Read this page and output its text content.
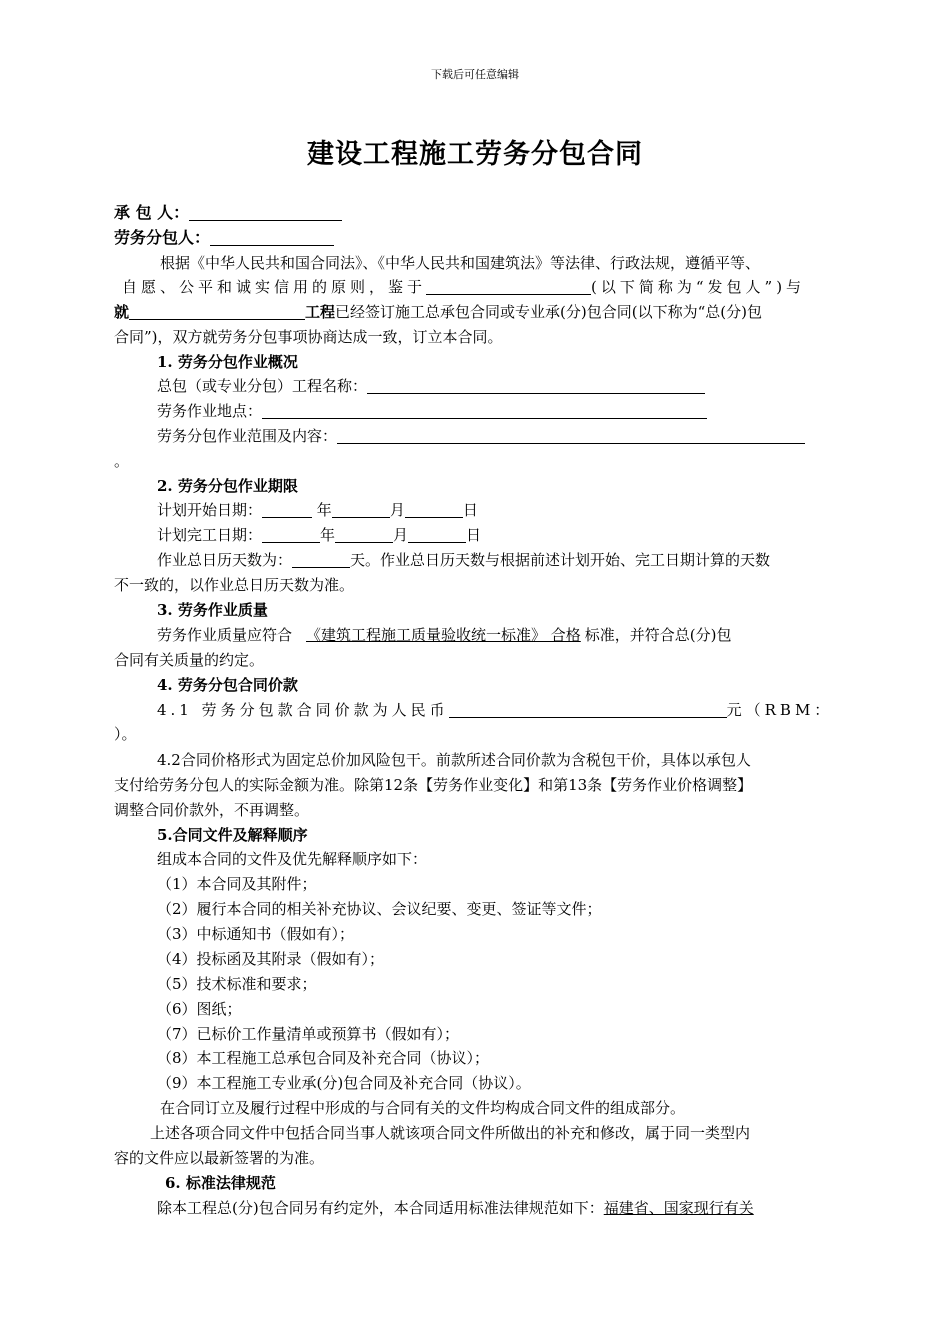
下载后可任意编辑
建设工程施工劳务分包合同
承 包 人：
劳务分包人：
根据《中华人民共和国合同法》、《中华人民共和国建筑法》等法律、行政法规，遵循平等、
自愿、公平和诚实信用的原则，鉴于	(以下简称为“发包人”)与
就	工程已经签订施工总承包合同或专业承(分)包合同(以下称为“总(分)包
合同”)，双方就劳务分包事项协商达成一致，订立本合同。
1. 劳务分包作业概况
总包（或专业分包）工程名称：
劳务作业地点：
劳务分包作业范围及内容：
。
2. 劳务分包作业期限
计划开始日期：	年	月	日
计划完工日期：	年	月	日
作业总日历天数为：	天。作业总日历天数与根据前述计划开始、完工日期计算的天数
不一致的，以作业总日历天数为准。
3. 劳务作业质量
劳务作业质量应符合 《建筑工程施工质量验收统一标准》 合格 标准，并符合总(分)包
合同有关质量的约定。
4. 劳务分包合同价款
4.1 劳务分包款合同价款为人民币	元（RBM：
）。
4.2合同价格形式为固定总价加风险包干。前款所述合同价款为含税包干价，具体以承包人
支付给劳务分包人的实际金额为准。除第12条【劳务作业变化】和第13条【劳务作业价格调整】
调整合同价款外，不再调整。
5.合同文件及解释顺序
组成本合同的文件及优先解释顺序如下：
（1）本合同及其附件；
（2）履行本合同的相关补充协议、会议纪要、变更、签证等文件；
（3）中标通知书（假如有）；
（4）投标函及其附录（假如有）；
（5）技术标准和要求；
（6）图纸；
（7）已标价工作量清单或预算书（假如有）；
（8）本工程施工总承包合同及补充合同（协议）；
（9）本工程施工专业承(分)包合同及补充合同（协议）。
在合同订立及履行过程中形成的与合同有关的文件均构成合同文件的组成部分。
上述各项合同文件中包括合同当事人就该项合同文件所做出的补充和修改，属于同一类型内
容的文件应以最新签署的为准。
6. 标准法律规范
除本工程总(分)包合同另有约定外，本合同适用标准法律规范如下：福建省、国家现行有关
